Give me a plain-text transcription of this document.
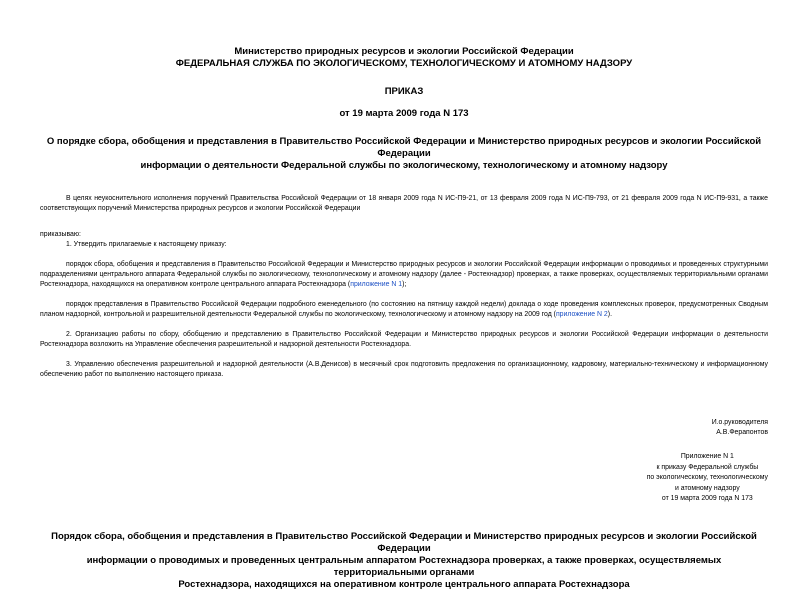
Министерство природных ресурсов и экологии Российской Федерации
ФЕДЕРАЛЬНАЯ СЛУЖБА ПО ЭКОЛОГИЧЕСКОМУ, ТЕХНОЛОГИЧЕСКОМУ И АТОМНОМУ НАДЗОРУ
ПРИКАЗ
от 19 марта 2009 года N 173
О порядке сбора, обобщения и представления в Правительство Российской Федерации и Министерство природных ресурсов и экологии Российской Федерации
информации о деятельности Федеральной службы по экологическому, технологическому и атомному надзору
В целях неукоснительного исполнения поручений Правительства Российской Федерации от 18 января 2009 года N ИС-П9-21, от 13 февраля 2009 года N ИС-П9-793, от 21 февраля 2009 года N ИС-П9-931, а также соответствующих поручений Министерства природных ресурсов и экологии Российской Федерации
приказываю:
1. Утвердить прилагаемые к настоящему приказу:
порядок сбора, обобщения и представления в Правительство Российской Федерации и Министерство природных ресурсов и экологии Российской Федерации информации о проводимых и проведенных структурными подразделениями центрального аппарата Федеральной службы по экологическому, технологическому и атомному надзору (далее - Ростехнадзор) проверках, а также проверках, осуществляемых территориальными органами Ростехнадзора, находящихся на оперативном контроле центрального аппарата Ростехнадзора (приложение N 1);
порядок представления в Правительство Российской Федерации подробного еженедельного (по состоянию на пятницу каждой недели) доклада о ходе проведения комплексных проверок, предусмотренных Сводным планом надзорной, контрольной и разрешительной деятельности Федеральной службы по экологическому, технологическому и атомному надзору на 2009 год (приложение N 2).
2. Организацию работы по сбору, обобщению и представлению в Правительство Российской Федерации и Министерство природных ресурсов и экологии Российской Федерации информации о деятельности Ростехнадзора возложить на Управление обеспечения разрешительной и надзорной деятельности Ростехнадзора.
3. Управлению обеспечения разрешительной и надзорной деятельности (А.В.Денисов) в месячный срок подготовить предложения по организационному, кадровому, материально-техническому и информационному обеспечению работ по выполнению настоящего приказа.
И.о.руководителя
А.В.Ферапонтов
Приложение N 1
к приказу Федеральной службы
по экологическому, технологическому
и атомному надзору
от 19 марта 2009 года N 173
Порядок сбора, обобщения и представления в Правительство Российской Федерации и Министерство природных ресурсов и экологии Российской Федерации
информации о проводимых и проведенных центральным аппаратом Ростехнадзора проверках, а также проверках, осуществляемых территориальными органами
Ростехнадзора, находящихся на оперативном контроле центрального аппарата Ростехнадзора
